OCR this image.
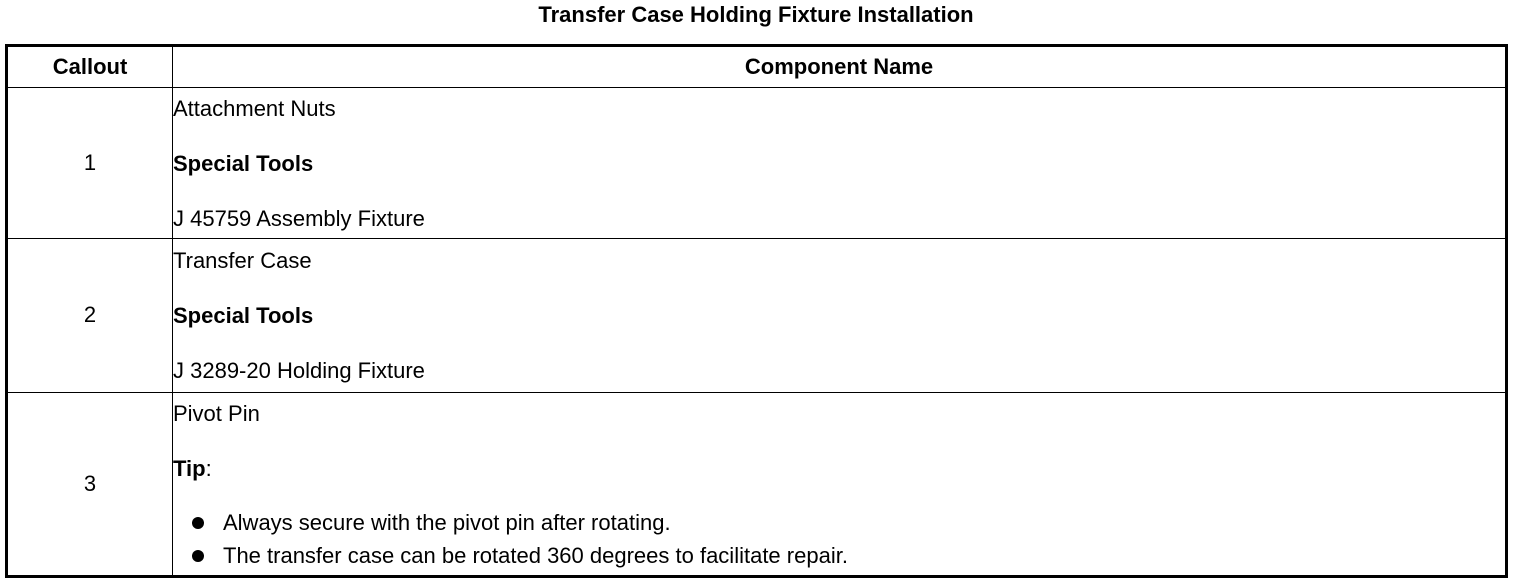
Transfer Case Holding Fixture Installation
Callout	Component Name
1	Attachment Nuts
Special Tools
J 45759 Assembly Fixture

2	Transfer Case
Special Tools
J 3289-20 Holding Fixture

3	Pivot Pin
Tip:
Always secure with the pivot pin after rotating.
The transfer case can be rotated 360 degrees to facilitate repair.
